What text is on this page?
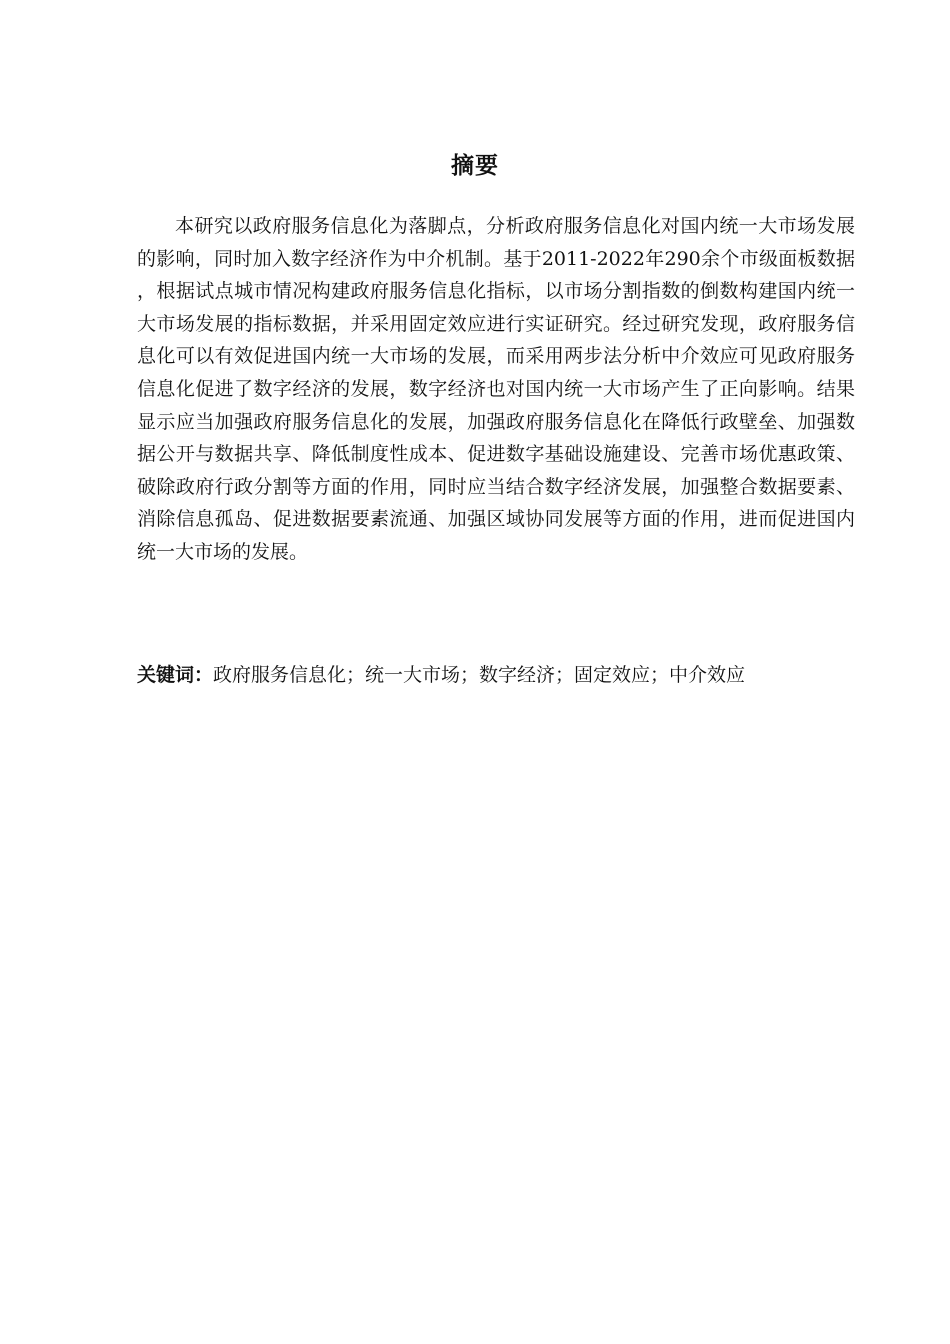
摘要

本研究以政府服务信息化为落脚点，分析政府服务信息化对国内统一大市场发展的影响，同时加入数字经济作为中介机制。基于2011-2022年290余个市级面板数据，根据试点城市情况构建政府服务信息化指标，以市场分割指数的倒数构建国内统一大市场发展的指标数据，并采用固定效应进行实证研究。经过研究发现，政府服务信息化可以有效促进国内统一大市场的发展，而采用两步法分析中介效应可见政府服务信息化促进了数字经济的发展，数字经济也对国内统一大市场产生了正向影响。结果显示应当加强政府服务信息化的发展，加强政府服务信息化在降低行政壁垒、加强数据公开与数据共享、降低制度性成本、促进数字基础设施建设、完善市场优惠政策、破除政府行政分割等方面的作用，同时应当结合数字经济发展，加强整合数据要素、消除信息孤岛、促进数据要素流通、加强区域协同发展等方面的作用，进而促进国内统一大市场的发展。

关键词：政府服务信息化；统一大市场；数字经济；固定效应；中介效应
